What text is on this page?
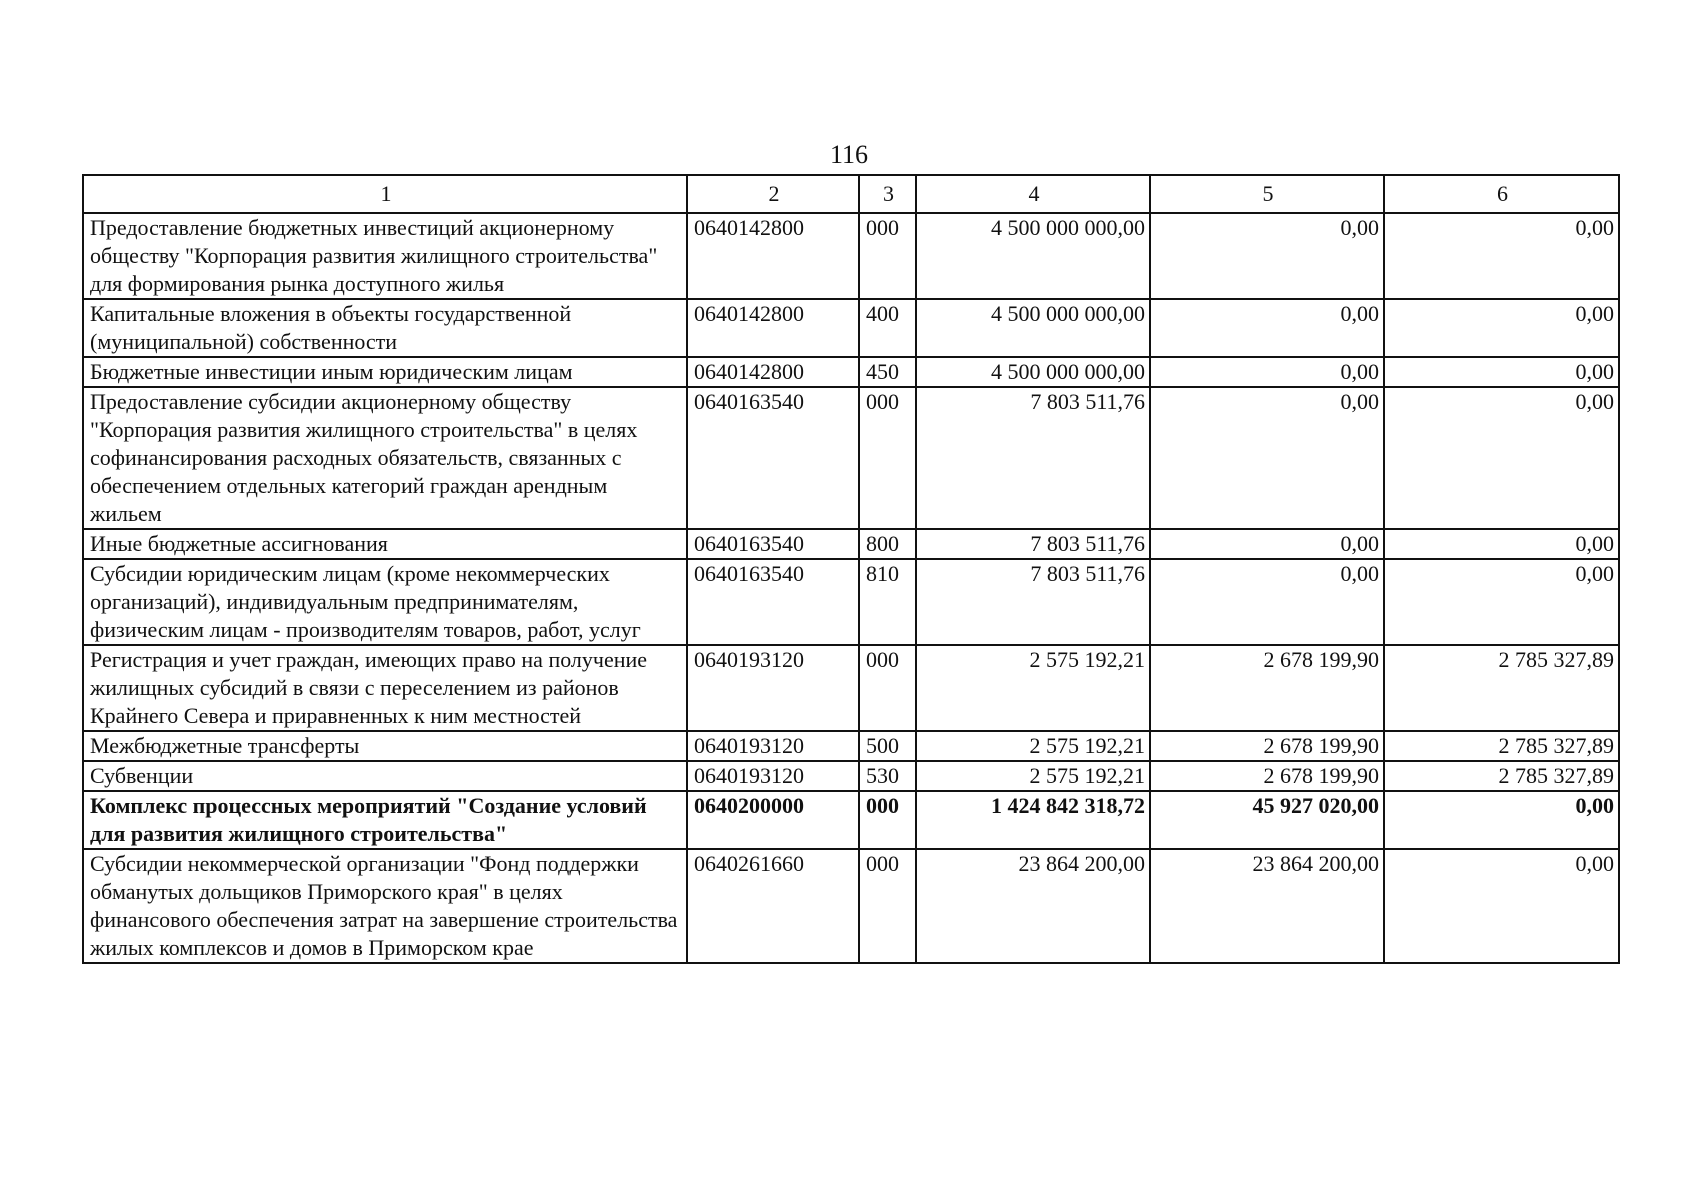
116
1	2	3	4	5	6
Предоставление бюджетных инвестиций акционерному обществу "Корпорация развития жилищного строительства" для формирования рынка доступного жилья	0640142800	000	4 500 000 000,00	0,00	0,00
Капитальные вложения в объекты государственной (муниципальной) собственности	0640142800	400	4 500 000 000,00	0,00	0,00
Бюджетные инвестиции иным юридическим лицам	0640142800	450	4 500 000 000,00	0,00	0,00
Предоставление субсидии акционерному обществу "Корпорация развития жилищного строительства" в целях софинансирования расходных обязательств, связанных с обеспечением отдельных категорий граждан арендным жильем	0640163540	000	7 803 511,76	0,00	0,00
Иные бюджетные ассигнования	0640163540	800	7 803 511,76	0,00	0,00
Субсидии юридическим лицам (кроме некоммерческих организаций), индивидуальным предпринимателям, физическим лицам - производителям товаров, работ, услуг	0640163540	810	7 803 511,76	0,00	0,00
Регистрация и учет граждан, имеющих право на получение жилищных субсидий в связи с переселением из районов Крайнего Севера и приравненных к ним местностей	0640193120	000	2 575 192,21	2 678 199,90	2 785 327,89
Межбюджетные трансферты	0640193120	500	2 575 192,21	2 678 199,90	2 785 327,89
Субвенции	0640193120	530	2 575 192,21	2 678 199,90	2 785 327,89
Комплекс процессных мероприятий "Создание условий для развития жилищного строительства"	0640200000	000	1 424 842 318,72	45 927 020,00	0,00
Субсидии некоммерческой организации "Фонд поддержки обманутых дольщиков Приморского края" в целях финансового обеспечения затрат на завершение строительства жилых комплексов и домов в Приморском крае	0640261660	000	23 864 200,00	23 864 200,00	0,00
